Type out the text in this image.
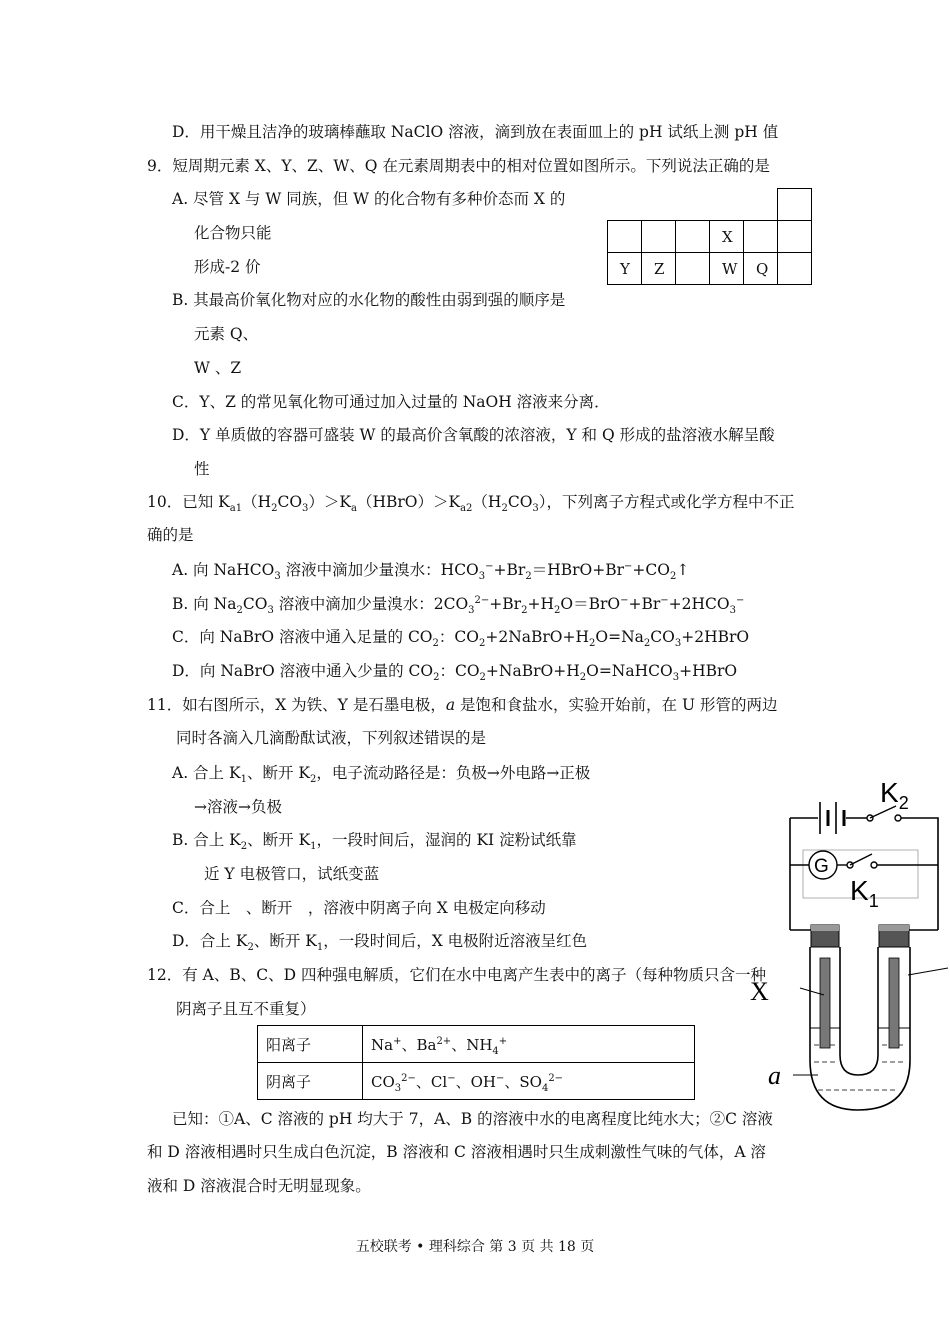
D．用干燥且洁净的玻璃棒蘸取 NaClO 溶液，滴到放在表面皿上的 pH 试纸上测 pH 值
9．短周期元素 X、Y、Z、W、Q 在元素周期表中的相对位置如图所示。下列说法正确的是
A. 尽管 X 与 W 同族，但 W 的化合物有多种价态而 X 的
化合物只能
形成-2 价
B. 其最高价氧化物对应的水化物的酸性由弱到强的顺序是
元素 Q、
W 、Z
C．Y、Z 的常见氧化物可通过加入过量的 NaOH 溶液来分离．
D．Y 单质做的容器可盛装 W 的最高价含氧酸的浓溶液，Y 和 Q 形成的盐溶液水解呈酸
性

			X		
Y	Z		W	Q	
10．已知 $K_{a1}(H_2CO_3)>K_a(HBrO)>K_{a2}(H_2CO_3)$，下列离子方程式或化学方程中不正
确的是
A. 向 NaHCO$_3$ 溶液中滴加少量溴水：$HCO_3^-+Br_2=HBrO+Br^-+CO_2↑$
B. 向 $Na_2CO_3$ 溶液中滴加少量溴水：$2CO_3^{2-}+Br_2+H_2O=BrO^-+Br^-+2HCO_3^-$
C．向 NaBrO 溶液中通入足量的 $CO_2$：$CO_2+2NaBrO+H_2O=Na_2CO_3+2HBrO$
D．向 NaBrO 溶液中通入少量的 $CO_2$：$CO_2+NaBrO+H_2O=NaHCO_3+HBrO$
11．如右图所示，X 为铁、Y 是石墨电极，a 是饱和食盐水，实验开始前，在 U 形管的两边
同时各滴入几滴酚酞试液，下列叙述错误的是
A. 合上 $K_1$、断开 $K_2$，电子流动路径是：负极→外电路→正极
→溶液→负极
B. 合上 $K_2$、断开 $K_1$，一段时间后，湿润的 KI 淀粉试纸靠
近 Y 电极管口，试纸变蓝
C．合上　、断开　，溶液中阴离子向 X 电极定向移动
D．合上 $K_2$、断开 $K_1$，一段时间后，X 电极附近溶液呈红色
12．有 A、B、C、D 四种强电解质，它们在水中电离产生表中的离子（每种物质只含一种
阴离子且互不重复）
阳离子	Na+、$Ba^{2+}$、$NH_4^+$
阴离子	$CO_3^{2-}$、Cl−、OH−、$SO_4^{2-}$
已知：①A、C 溶液的 pH 均大于 7，A、B 的溶液中水的电离程度比纯水大；②C 溶液
和 D 溶液相遇时只生成白色沉淀，B 溶液和 C 溶液相遇时只生成刺激性气味的气体，A 溶
液和 D 溶液混合时无明显现象。
$K_2$
G
$K_1$
X
a
五校联考 • 理科综合 第 3 页 共 18 页
